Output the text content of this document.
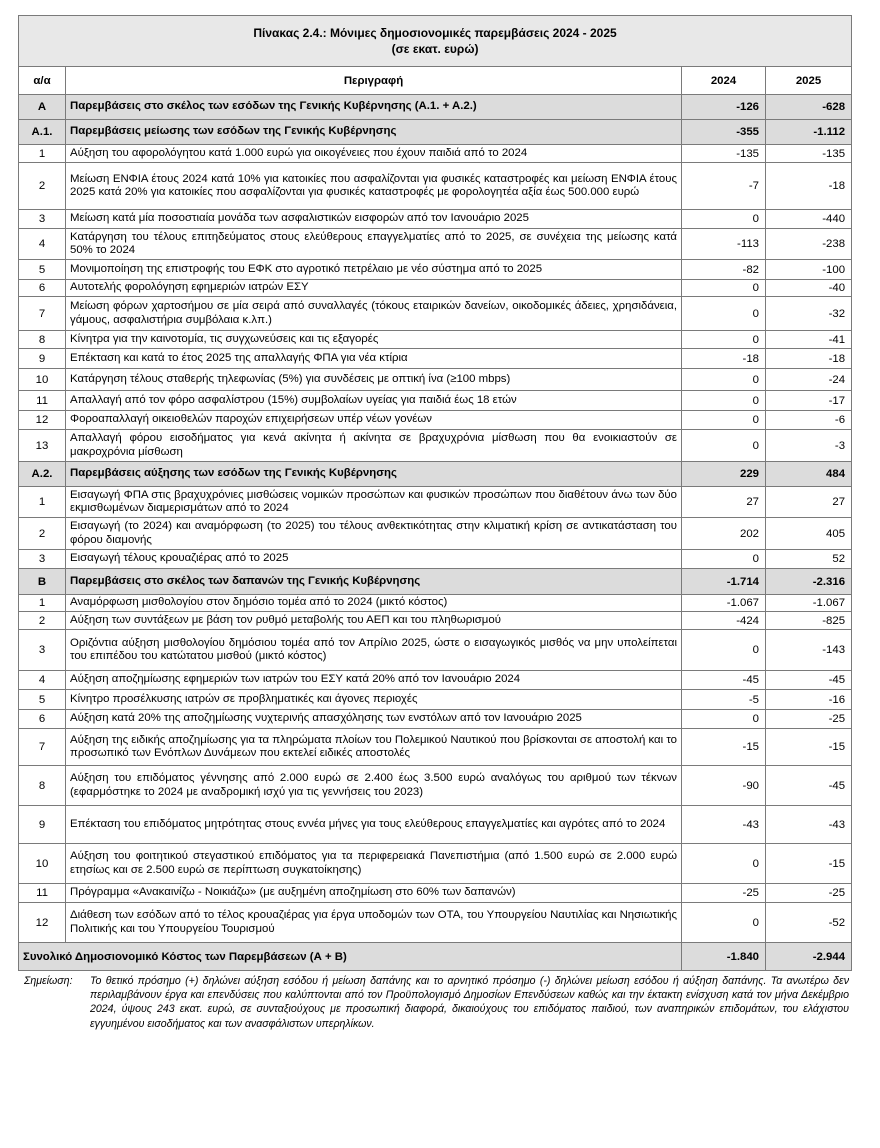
Πίνακας 2.4.: Μόνιμες δημοσιονομικές παρεμβάσεις 2024 - 2025
(σε εκατ. ευρώ)			

α/α	Περιγραφή	2024	2025
Α	Παρεμβάσεις στο σκέλος των εσόδων της Γενικής Κυβέρνησης (Α.1. + Α.2.)	-126	-628
Α.1.	Παρεμβάσεις μείωσης των εσόδων της Γενικής Κυβέρνησης	-355	-1.112
1	Αύξηση του αφορολόγητου κατά 1.000 ευρώ για οικογένειες που έχουν παιδιά από το 2024	-135	-135
2	Μείωση ΕΝΦΙΑ έτους 2024 κατά 10% για κατοικίες που ασφαλίζονται για φυσικές καταστροφές και μείωση ΕΝΦΙΑ έτους 2025 κατά 20% για κατοικίες που ασφαλίζονται για φυσικές καταστροφές με φορολογητέα αξία έως 500.000 ευρώ	-7	-18
3	Μείωση κατά μία ποσοστιαία μονάδα των ασφαλιστικών εισφορών από τον Ιανουάριο 2025	0	-440
4	Κατάργηση του τέλους επιτηδεύματος στους ελεύθερους επαγγελματίες από το 2025, σε συνέχεια της μείωσης κατά 50% το 2024	-113	-238
5	Μονιμοποίηση της επιστροφής του ΕΦΚ στο αγροτικό πετρέλαιο με νέο σύστημα από το 2025	-82	-100
6	Αυτοτελής φορολόγηση εφημεριών ιατρών ΕΣΥ	0	-40
7	Μείωση φόρων χαρτοσήμου σε μία σειρά από συναλλαγές (τόκους εταιρικών δανείων, οικοδομικές άδειες, χρησιδάνεια, γάμους, ασφαλιστήρια συμβόλαια κ.λπ.)	0	-32
8	Κίνητρα για την καινοτομία, τις συγχωνεύσεις και τις εξαγορές	0	-41
9	Επέκταση και κατά το έτος 2025 της απαλλαγής ΦΠΑ για νέα κτίρια	-18	-18
10	Κατάργηση τέλους σταθερής τηλεφωνίας (5%) για συνδέσεις με οπτική ίνα (≥100 mbps)	0	-24
11	Απαλλαγή από τον φόρο ασφαλίστρου (15%) συμβολαίων υγείας για παιδιά έως 18 ετών	0	-17
12	Φοροαπαλλαγή οικειοθελών παροχών επιχειρήσεων υπέρ νέων γονέων	0	-6
13	Απαλλαγή φόρου εισοδήματος για κενά ακίνητα ή ακίνητα σε βραχυχρόνια μίσθωση που θα ενοικιαστούν σε μακροχρόνια μίσθωση	0	-3
Α.2.	Παρεμβάσεις αύξησης των εσόδων της Γενικής Κυβέρνησης	229	484
1	Εισαγωγή ΦΠΑ στις βραχυχρόνιες μισθώσεις νομικών προσώπων και φυσικών προσώπων που διαθέτουν άνω των δύο εκμισθωμένων διαμερισμάτων από το 2024	27	27
2	Εισαγωγή (το 2024) και αναμόρφωση (το 2025) του τέλους ανθεκτικότητας στην κλιματική κρίση σε αντικατάσταση του φόρου διαμονής	202	405
3	Εισαγωγή τέλους κρουαζιέρας από το 2025	0	52
Β	Παρεμβάσεις στο σκέλος των δαπανών της Γενικής Κυβέρνησης	-1.714	-2.316
1	Αναμόρφωση μισθολογίου στον δημόσιο τομέα από το 2024 (μικτό κόστος)	-1.067	-1.067
2	Αύξηση των συντάξεων με βάση τον ρυθμό μεταβολής του ΑΕΠ και του πληθωρισμού	-424	-825
3	Οριζόντια αύξηση μισθολογίου δημόσιου τομέα από τον Απρίλιο 2025, ώστε ο εισαγωγικός μισθός να μην υπολείπεται του επιπέδου του κατώτατου μισθού (μικτό κόστος)	0	-143
4	Αύξηση αποζημίωσης εφημεριών των ιατρών του ΕΣΥ κατά 20% από τον Ιανουάριο 2024	-45	-45
5	Κίνητρο προσέλκυσης ιατρών σε προβληματικές και άγονες περιοχές	-5	-16
6	Αύξηση κατά 20% της αποζημίωσης νυχτερινής απασχόλησης των ενστόλων από τον Ιανουάριο 2025	0	-25
7	Αύξηση της ειδικής αποζημίωσης για τα πληρώματα πλοίων του Πολεμικού Ναυτικού που βρίσκονται σε αποστολή και το προσωπικό των Ενόπλων Δυνάμεων που εκτελεί ειδικές αποστολές	-15	-15
8	Αύξηση του επιδόματος γέννησης από 2.000 ευρώ σε 2.400 έως 3.500 ευρώ αναλόγως του αριθμού των τέκνων (εφαρμόστηκε το 2024 με αναδρομική ισχύ για τις γεννήσεις του 2023)	-90	-45
9	Επέκταση του επιδόματος μητρότητας στους εννέα μήνες για τους ελεύθερους επαγγελματίες και αγρότες από το 2024	-43	-43
10	Αύξηση του φοιτητικού στεγαστικού επιδόματος για τα περιφερειακά Πανεπιστήμια (από 1.500 ευρώ σε 2.000 ευρώ ετησίως και σε 2.500 ευρώ σε περίπτωση συγκατοίκησης)	0	-15
11	Πρόγραμμα «Ανακαινίζω - Νοικιάζω» (με αυξημένη αποζημίωση στο 60% των δαπανών)	-25	-25
12	Διάθεση των εσόδων από το τέλος κρουαζιέρας για έργα υποδομών των ΟΤΑ, του Υπουργείου Ναυτιλίας και Νησιωτικής Πολιτικής και του Υπουργείου Τουρισμού	0	-52
Συνολικό Δημοσιονομικό Κόστος των Παρεμβάσεων (Α + Β)		-1.840	-2.944
Σημείωση:	Το θετικό πρόσημο (+) δηλώνει αύξηση εσόδου ή μείωση δαπάνης και το αρνητικό πρόσημο (-) δηλώνει μείωση εσόδου ή αύξηση δαπάνης. Τα ανωτέρω δεν περιλαμβάνουν έργα και επενδύσεις που καλύπτονται από τον Προϋπολογισμό Δημοσίων Επενδύσεων καθώς και την έκτακτη ενίσχυση κατά τον μήνα Δεκέμβριο 2024, ύψους 243 εκατ. ευρώ, σε συνταξιούχους με προσωπική διαφορά, δικαιούχους του επιδόματος παιδιού, των αναπηρικών επιδομάτων, του ελάχιστου εγγυημένου εισοδήματος και των ανασφάλιστων υπερηλίκων.
